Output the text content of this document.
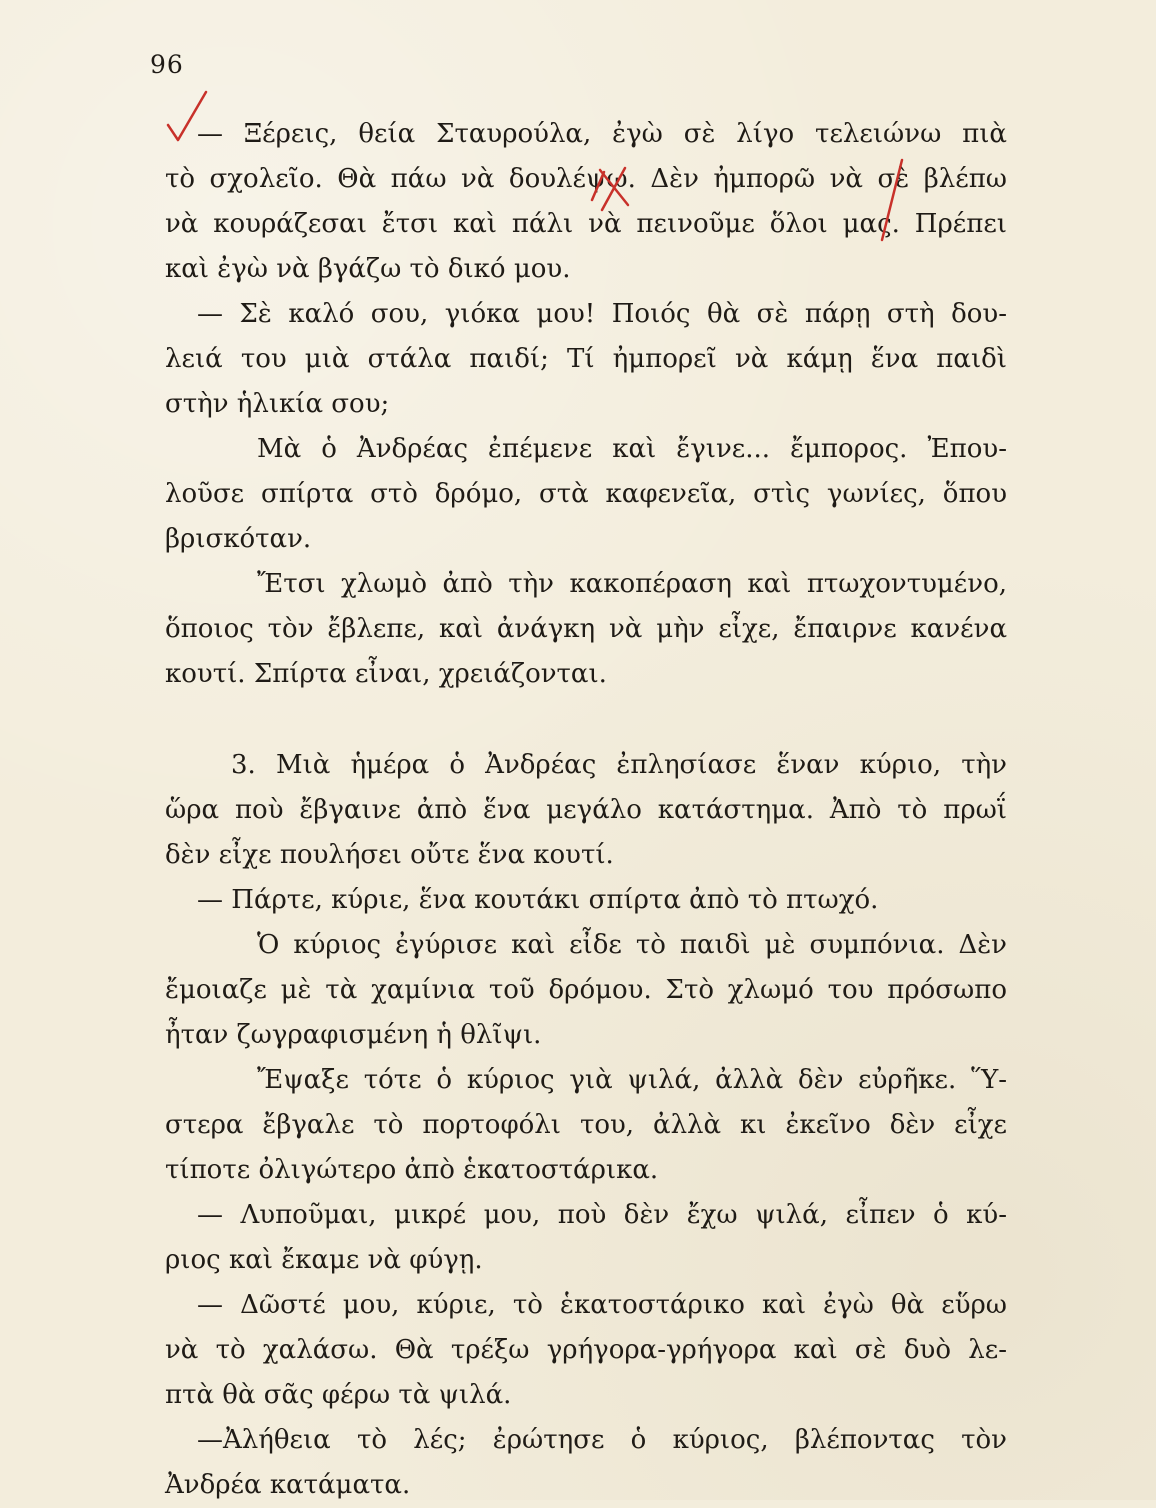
96
— Ξέρεις, θεία Σταυρούλα, ἐγὼ σὲ λίγο τελειώνω πιὰ
τὸ σχολεῖο. Θὰ πάω νὰ δουλέψω. Δὲν ἠμπορῶ νὰ σὲ βλέπω
νὰ κουράζεσαι ἔτσι καὶ πάλι νὰ πεινοῦμε ὅλοι μας. Πρέπει
καὶ ἐγὼ νὰ βγάζω τὸ δικό μου.
— Σὲ καλό σου, γιόκα μου! Ποιός θὰ σὲ πάρῃ στὴ δου-
λειά του μιὰ στάλα παιδί; Τί ἠμπορεῖ νὰ κάμῃ ἕνα παιδὶ
στὴν ἡλικία σου;
Μὰ ὁ Ἀνδρέας ἐπέμενε καὶ ἔγινε... ἔμπορος. Ἐπου-
λοῦσε σπίρτα στὸ δρόμο, στὰ καφενεῖα, στὶς γωνίες, ὅπου
βρισκόταν.
Ἔτσι χλωμὸ ἀπὸ τὴν κακοπέραση καὶ πτωχοντυμένο,
ὅποιος τὸν ἔβλεπε, καὶ ἀνάγκη νὰ μὴν εἶχε, ἔπαιρνε κανένα
κουτί. Σπίρτα εἶναι, χρειάζονται.
3. Μιὰ ἡμέρα ὁ Ἀνδρέας ἐπλησίασε ἕναν κύριο, τὴν
ὥρα ποὺ ἔβγαινε ἀπὸ ἕνα μεγάλο κατάστημα. Ἀπὸ τὸ πρωΐ
δὲν εἶχε πουλήσει οὔτε ἕνα κουτί.
— Πάρτε, κύριε, ἕνα κουτάκι σπίρτα ἀπὸ τὸ πτωχό.
Ὁ κύριος ἐγύρισε καὶ εἶδε τὸ παιδὶ μὲ συμπόνια. Δὲν
ἔμοιαζε μὲ τὰ χαμίνια τοῦ δρόμου. Στὸ χλωμό του πρόσωπο
ἦταν ζωγραφισμένη ἡ θλῖψι.
Ἔψαξε τότε ὁ κύριος γιὰ ψιλά, ἀλλὰ δὲν εὐρῆκε. Ὕ-
στερα ἔβγαλε τὸ πορτοφόλι του, ἀλλὰ κι ἐκεῖνο δὲν εἶχε
τίποτε ὀλιγώτερο ἀπὸ ἑκατοστάρικα.
— Λυποῦμαι, μικρέ μου, ποὺ δὲν ἔχω ψιλά, εἶπεν ὁ κύ-
ριος καὶ ἔκαμε νὰ φύγῃ.
— Δῶστέ μου, κύριε, τὸ ἑκατοστάρικο καὶ ἐγὼ θὰ εὕρω
νὰ τὸ χαλάσω. Θὰ τρέξω γρήγορα-γρήγορα καὶ σὲ δυὸ λε-
πτὰ θὰ σᾶς φέρω τὰ ψιλά.
—Ἀλήθεια τὸ λές; ἐρώτησε ὁ κύριος, βλέποντας τὸν
Ἀνδρέα κατάματα.
